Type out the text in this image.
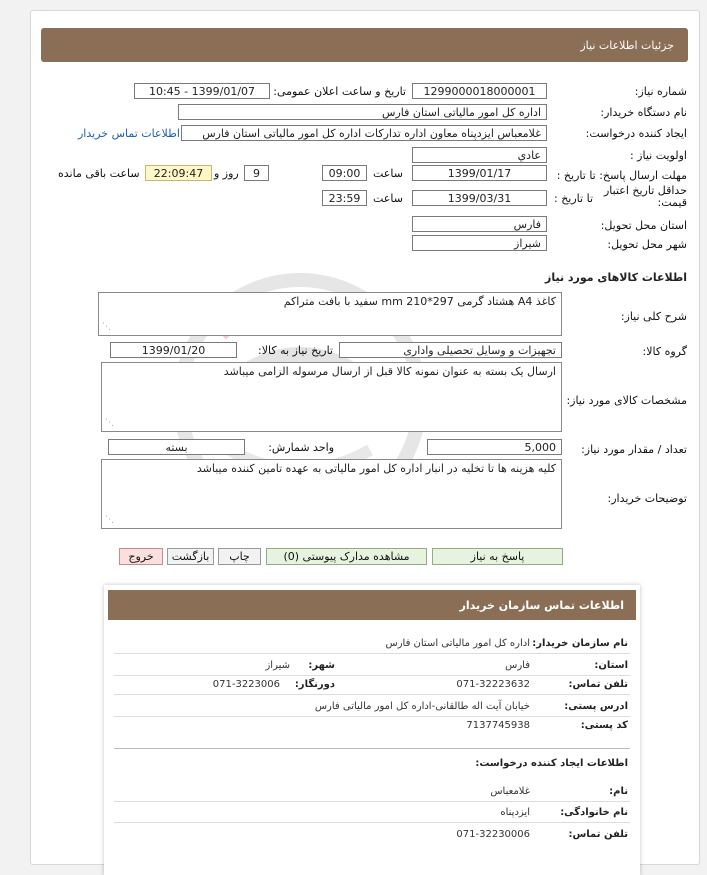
جزئیات اطلاعات نیاز
شماره نیاز:
1299000018000001
تاریخ و ساعت اعلان عمومی:
1399/01/07 - 10:45
نام دستگاه خریدار:
اداره کل امور مالیاتی استان فارس
ایجاد کننده درخواست:
غلامعباس ایزدپناه معاون اداره تدارکات اداره کل امور مالیاتی استان فارس
اطلاعات تماس خریدار
اولویت نیاز :
عادي
مهلت ارسال پاسخ: تا تاریخ :
1399/01/17
ساعت
09:00
9
روز و
22:09:47
ساعت باقی مانده
حداقل تاریخ اعتبار قیمت:
تا تاریخ :
1399/03/31
ساعت
23:59
استان محل تحویل:
فارس
شهر محل تحویل:
شیراز
اطلاعات کالاهای مورد نیاز
شرح کلی نیاز:
کاغذ A4 هشتاد گرمی 297*210 mm سفید با بافت متراکم
⋰
گروه کالا:
تجهیزات و وسایل تحصیلی واداری
تاریخ نیاز به کالا:
1399/01/20
مشخصات کالای مورد نیاز:
ارسال یک بسته به عنوان نمونه کالا قبل از ارسال مرسوله الزامی میباشد
⋰
تعداد / مقدار مورد نیاز:
5,000
واحد شمارش:
بسته
توضیحات خریدار:
کلیه هزینه ها تا تخلیه در انبار اداره کل امور مالیاتی به عهده تامین کننده میباشد
⋰
پاسخ به نیاز
مشاهده مدارک پیوستی (0)
چاپ
بازگشت
خروج
اطلاعات تماس سازمان خریدار
نام سازمان خریدار:
اداره کل امور مالیاتی استان فارس
استان:
فارس
شهر:
شیراز
تلفن تماس:
071-32223632
دورنگار:
071-3223006
ادرس پستی:
خیابان آیت اله طالقانی-اداره کل امور مالیاتی فارس
کد پستی:
7137745938
اطلاعات ایجاد کننده درخواست:
نام:
غلامعباس
نام خانوادگی:
ایزدپناه
تلفن تماس:
071-32230006
